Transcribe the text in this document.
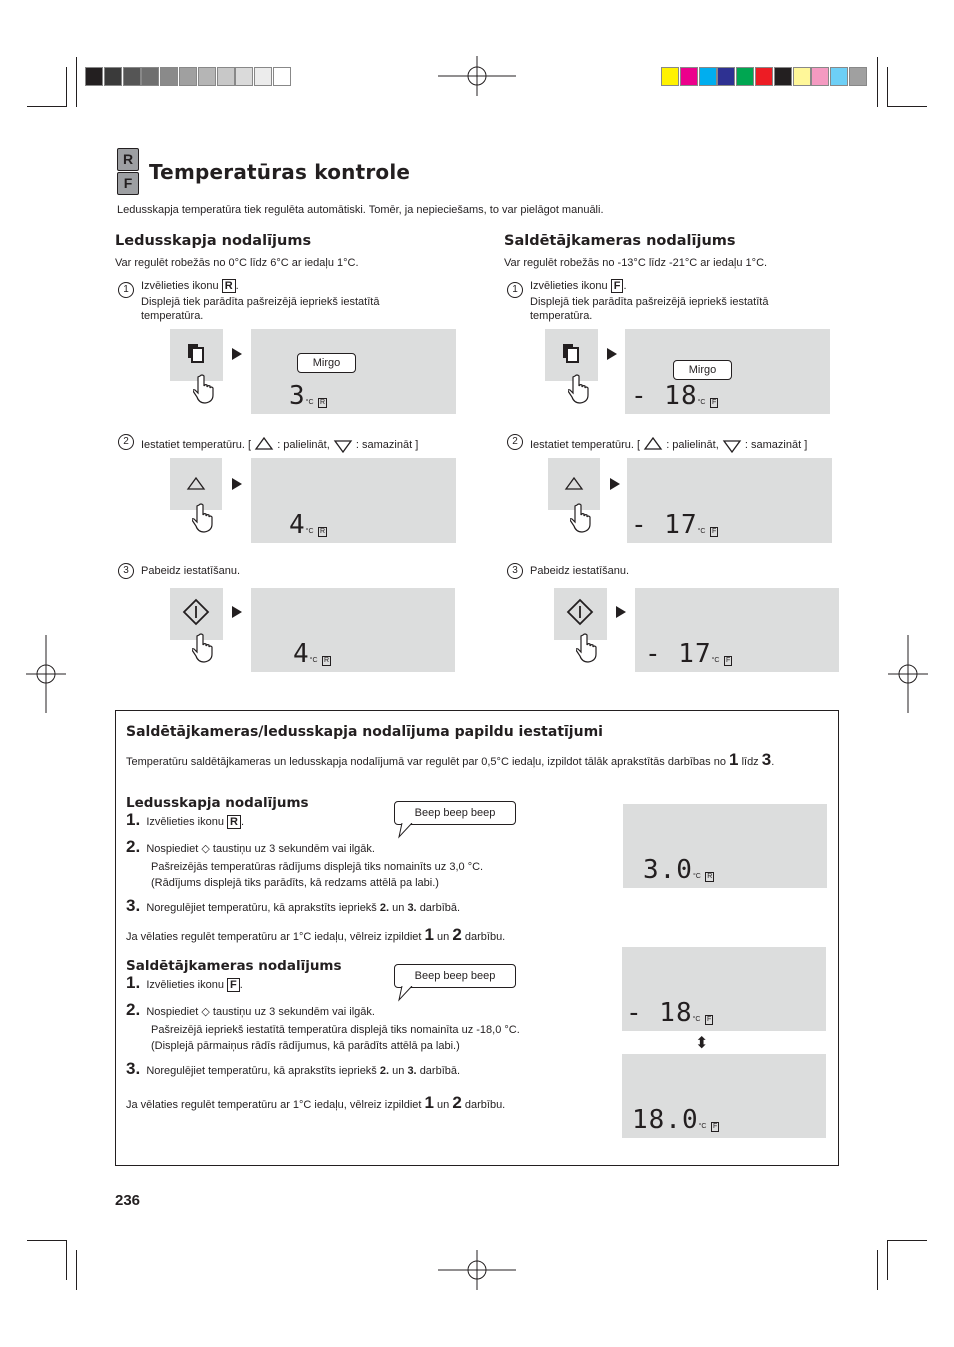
R
F Temperatūras kontrole
Ledusskapja temperatūra tiek regulēta automātiski. Tomēr, ja nepieciešams, to var pielāgot manuāli.
Saldētājkameras/ledusskapja nodalījuma papildu iestatījumi
Temperatūru saldētājkameras un ledusskapja nodalījumā var regulēt par 0,5°C iedaļu, izpildot tālāk aprakstītās darbības no 1 līdz 3.
236
Ledusskapja nodalījums
Var regulēt robežās no 0°C līdz 6°C ar iedaļu 1°C.
1	Izvēlieties ikonu R .
Displejā tiek parādīta pašreizējā iepriekš iestatītā
temperatūra.
3°C R
Mirgo
2	Iestatiet temperatūru. [ : palielināt, : samazināt ]
4°C R
3	Pabeidz iestatīšanu.
4°C R
Saldētājkameras nodalījums
Var regulēt robežās no -13°C līdz -21°C ar iedaļu 1°C.
1	Izvēlieties ikonu F .
Displejā tiek parādīta pašreizējā iepriekš iestatītā
temperatūra.
- 18°C F
Mirgo
2	Iestatiet temperatūru. [ : palielināt, : samazināt ]
- 17°C F
3	Pabeidz iestatīšanu.
- 17°C F
Ledusskapja nodalījums
1. Izvēlieties ikonu R .
Beep beep beep
2. Nospiediet ◇ taustiņu uz 3 sekundēm vai ilgāk.
Pašreizējās temperatūras rādījums displejā tiks nomainīts uz 3,0 °C.
(Rādījums displejā tiks parādīts, kā redzams attēlā pa labi.)
3. Noregulējiet temperatūru, kā aprakstīts iepriekš 2. un 3. darbībā.
Ja vēlaties regulēt temperatūru ar 1°C iedaļu, vēlreiz izpildiet 1 un 2 darbību.
Saldētājkameras nodalījums
1. Izvēlieties ikonu F .
Beep beep beep
2. Nospiediet ◇ taustiņu uz 3 sekundēm vai ilgāk.
Pašreizējā iepriekš iestatītā temperatūra displejā tiks nomainīta uz -18,0 °C.
(Displejā pārmaiņus rādīs rādījumus, kā parādīts attēlā pa labi.)
3. Noregulējiet temperatūru, kā aprakstīts iepriekš 2. un 3. darbībā.
Ja vēlaties regulēt temperatūru ar 1°C iedaļu, vēlreiz izpildiet 1 un 2 darbību.
3.0°C R
- 18°C F
⬍
18.0°C F
